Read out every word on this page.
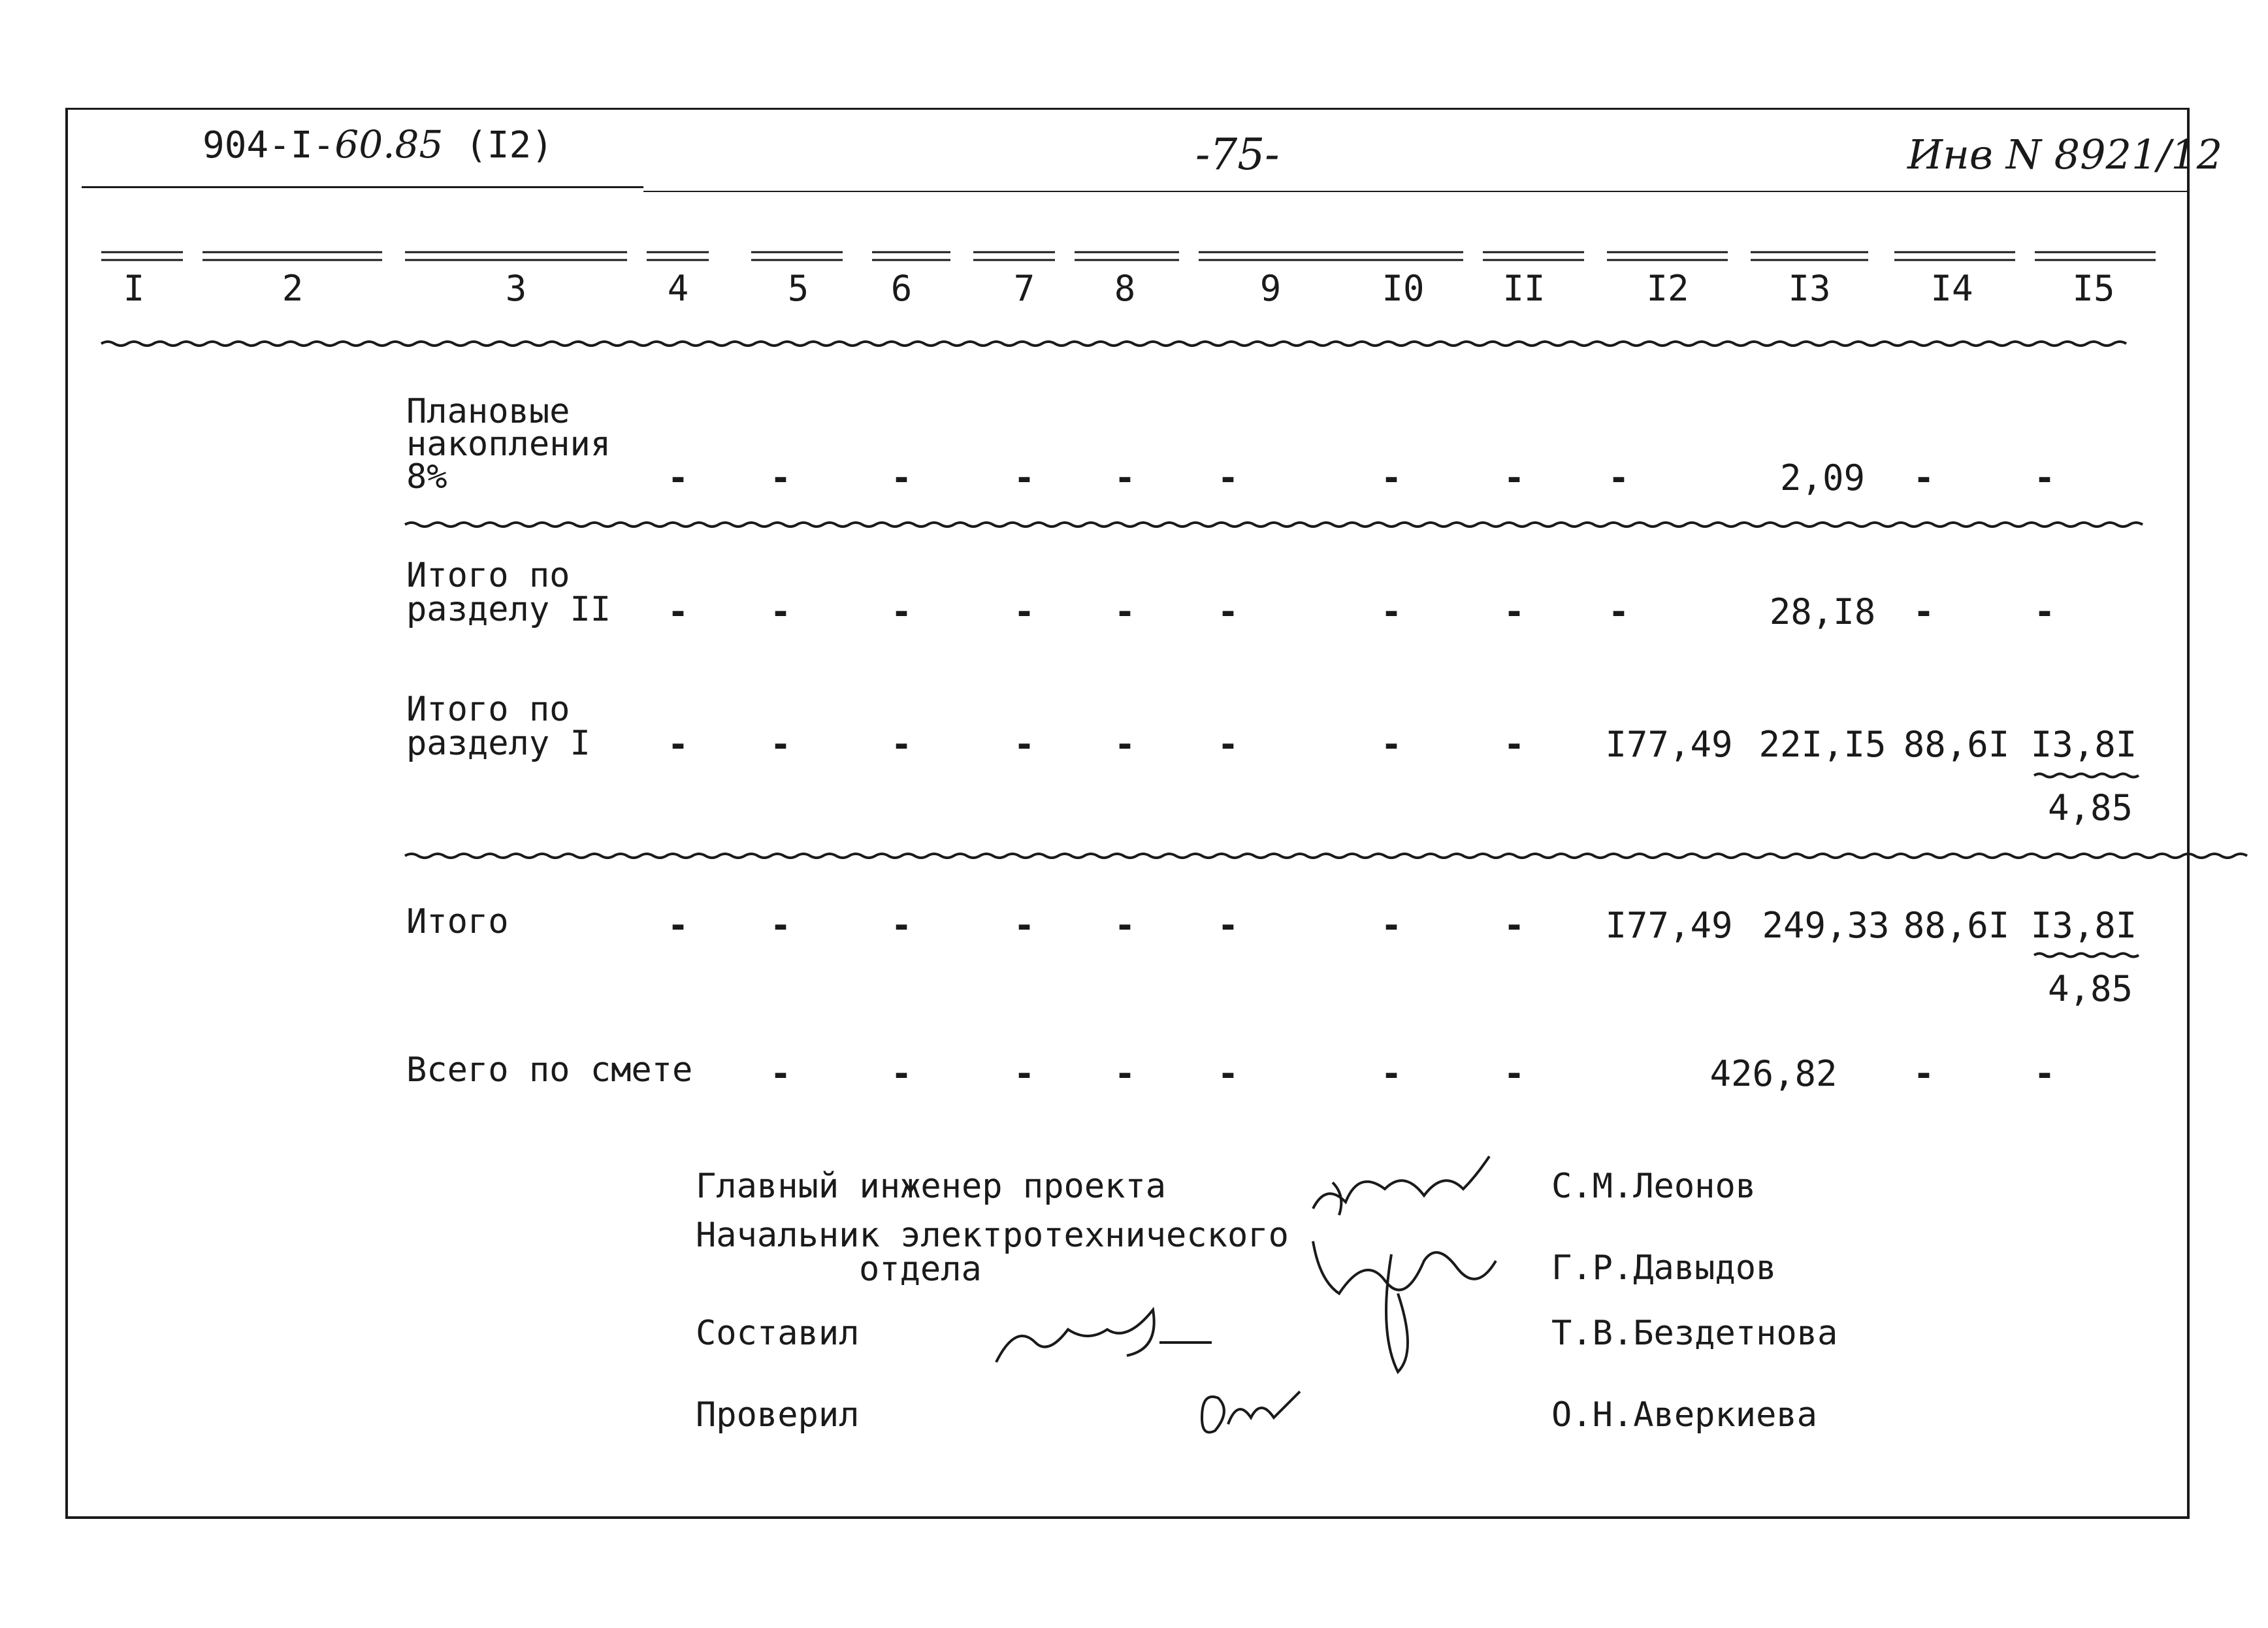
904-I-60.85 (I2)	-75-	Инв N 8921/12
I	2	3	4	5	6	7	8	9	I0	II	I2	I3	I4	I5
Плановые
накопления
8%	-	-	-	-	-	-	-	-	-	2,09	-	-
Итого по
разделу II	-	-	-	-	-	-	-	-	-	28,I8	-	-
Итого по
разделу I	-	-	-	-	-	-	-	-	I77,49 22I,I5 88,6I I3,8I
4,85
Итого	-	-	-	-	-	-	-	-	I77,49 249,33 88,6I I3,8I
4,85
Всего по смете	-	-	-	-	-	-	-	426,82	-	-
Главный инженер проекта	С.М.Леонов
Начальник электротехнического
отдела	Г.Р.Давыдов
Составил	Т.В.Бездетнова
Проверил	О.Н.Аверкиева
